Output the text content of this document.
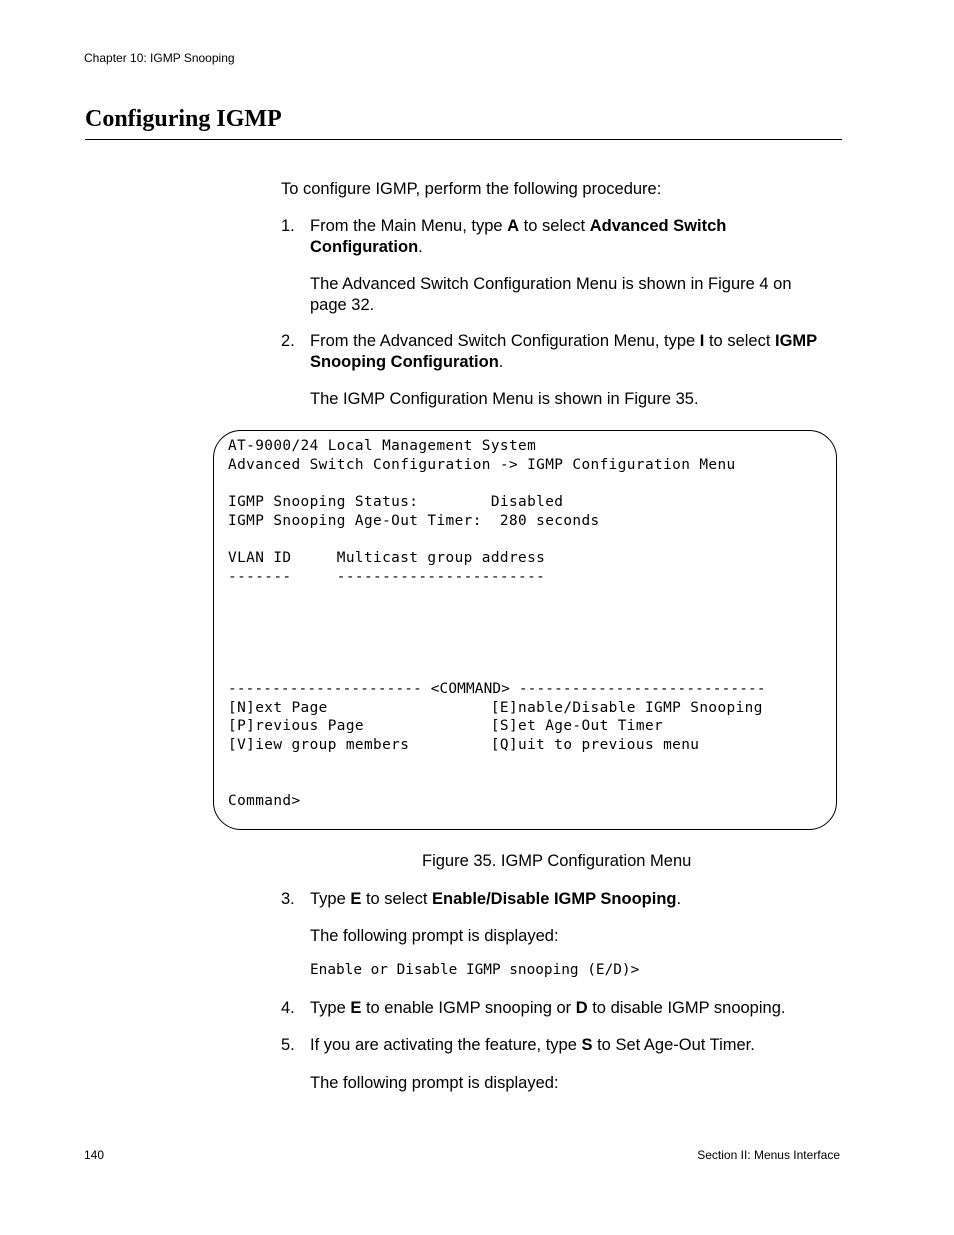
Chapter 10: IGMP Snooping
Configuring IGMP
To configure IGMP, perform the following procedure:
1. From the Main Menu, type A to select Advanced Switch
Configuration.
The Advanced Switch Configuration Menu is shown in Figure 4 on
page 32.
2. From the Advanced Switch Configuration Menu, type I to select IGMP
Snooping Configuration.
The IGMP Configuration Menu is shown in Figure 35.
AT-9000/24 Local Management System
Advanced Switch Configuration -> IGMP Configuration Menu
IGMP Snooping Status:        Disabled
IGMP Snooping Age-Out Timer:  280 seconds
VLAN ID     Multicast group address
-------     -----------------------
---------------------- <COMMAND> ----------------------------
[N]ext Page                  [E]nable/Disable IGMP Snooping
[P]revious Page              [S]et Age-Out Timer
[V]iew group members         [Q]uit to previous menu
Command>
Figure 35. IGMP Configuration Menu
3. Type E to select Enable/Disable IGMP Snooping.
The following prompt is displayed:
Enable or Disable IGMP snooping (E/D)>
4. Type E to enable IGMP snooping or D to disable IGMP snooping.
5. If you are activating the feature, type S to Set Age-Out Timer.
The following prompt is displayed:
140	Section II: Menus Interface
